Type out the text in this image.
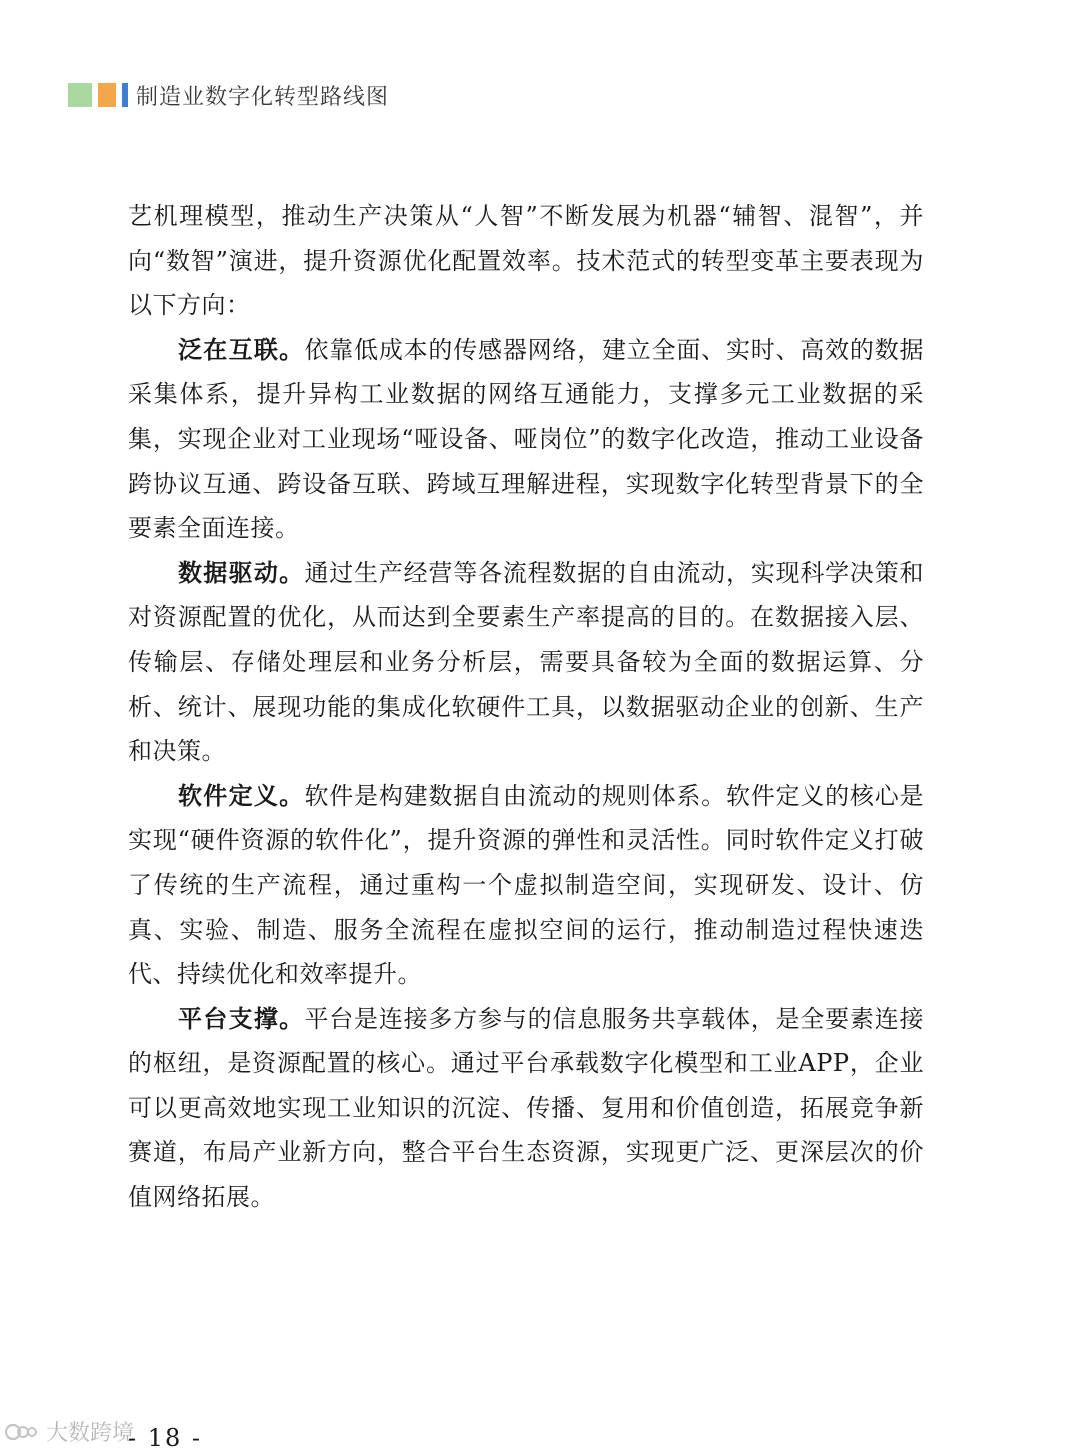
制造业数字化转型路线图

艺机理模型，推动生产决策从“人智”不断发展为机器“辅智、混智”，并向“数智”演进，提升资源优化配置效率。技术范式的转型变革主要表现为以下方向：

泛在互联。依靠低成本的传感器网络，建立全面、实时、高效的数据采集体系，提升异构工业数据的网络互通能力，支撑多元工业数据的采集，实现企业对工业现场“哑设备、哑岗位”的数字化改造，推动工业设备跨协议互通、跨设备互联、跨域互理解进程，实现数字化转型背景下的全要素全面连接。

数据驱动。通过生产经营等各流程数据的自由流动，实现科学决策和对资源配置的优化，从而达到全要素生产率提高的目的。在数据接入层、传输层、存储处理层和业务分析层，需要具备较为全面的数据运算、分析、统计、展现功能的集成化软硬件工具，以数据驱动企业的创新、生产和决策。

软件定义。软件是构建数据自由流动的规则体系。软件定义的核心是实现“硬件资源的软件化”，提升资源的弹性和灵活性。同时软件定义打破了传统的生产流程，通过重构一个虚拟制造空间，实现研发、设计、仿真、实验、制造、服务全流程在虚拟空间的运行，推动制造过程快速迭代、持续优化和效率提升。

平台支撑。平台是连接多方参与的信息服务共享载体，是全要素连接的枢纽，是资源配置的核心。通过平台承载数字化模型和工业APP，企业可以更高效地实现工业知识的沉淀、传播、复用和价值创造，拓展竞争新赛道，布局产业新方向，整合平台生态资源，实现更广泛、更深层次的价值网络拓展。

大数跨境
- 18 -
